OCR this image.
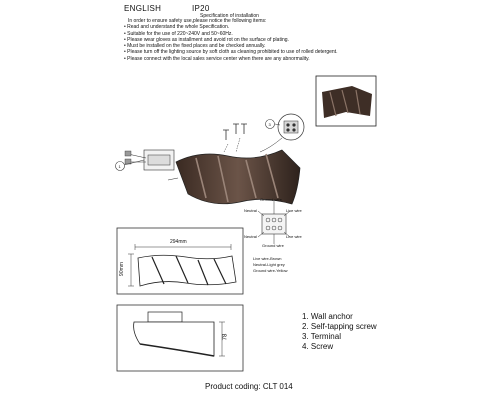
ENGLISH	IP20
Specification of installation
In order to ensure safety use,please notice the following items:
• Read and understand the whole Specification.
• Suitable for the use of 220~240V and 50~60Hz.
• Please wear gloves as installment and avoid rot on the surface of plating.
• Must be installed on the fixed places and be checked annually.
• Please turn off the lighting source by soft cloth as cleaning prohibited to use of rolled detergent.
• Please connect with the local sales service center when there are any abnormality.
1
3
Ground wire
Neutral	Live wire
Neutral	Live wire
Ground wire
Live wire-Brown
Neutral-Light grey
Ground wire-Yellow
294mm
90mm
78
1. Wall anchor
2. Self-tapping screw
3. Terminal
4. Screw
Product coding: CLT 014
